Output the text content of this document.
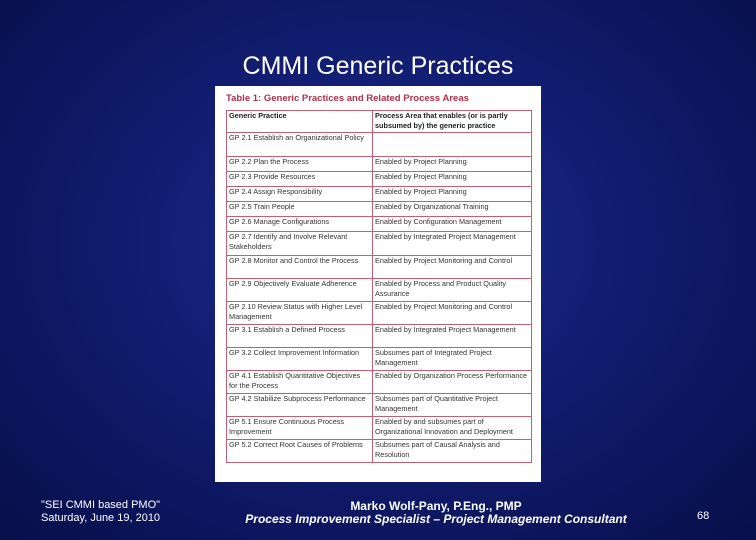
CMMI Generic Practices
Table 1: Generic Practices and Related Process Areas
Generic Practice	Process Area that enables (or is partly subsumed by) the generic practice
GP 2.1 Establish an Organizational Policy	
GP 2.2 Plan the Process	Enabled by Project Planning
GP 2.3 Provide Resources	Enabled by Project Planning
GP 2.4 Assign Responsibility	Enabled by Project Planning
GP 2.5 Train People	Enabled by Organizational Training
GP 2.6 Manage Configurations	Enabled by Configuration Management
GP 2.7 Identify and Involve Relevant Stakeholders	Enabled by Integrated Project Management
GP 2.8 Monitor and Control the Process	Enabled by Project Monitoring and Control
GP 2.9 Objectively Evaluate Adherence	Enabled by Process and Product Quality Assurance
GP 2.10 Review Status with Higher Level Management	Enabled by Project Monitoring and Control
GP 3.1 Establish a Defined Process	Enabled by Integrated Project Management
GP 3.2 Collect Improvement Information	Subsumes part of Integrated Project Management
GP 4.1 Establish Quantitative Objectives for the Process	Enabled by Organization Process Performance
GP 4.2 Stabilize Subprocess Performance	Subsumes part of Quantitative Project Management
GP 5.1 Ensure Continuous Process Improvement	Enabled by and subsumes part of Organizational Innovation and Deployment
GP 5.2 Correct Root Causes of Problems	Subsumes part of Causal Analysis and Resolution
"SEI CMMI based PMO"
Saturday, June 19, 2010
Marko Wolf-Pany, P.Eng., PMP
Process Improvement Specialist – Project Management Consultant	68
